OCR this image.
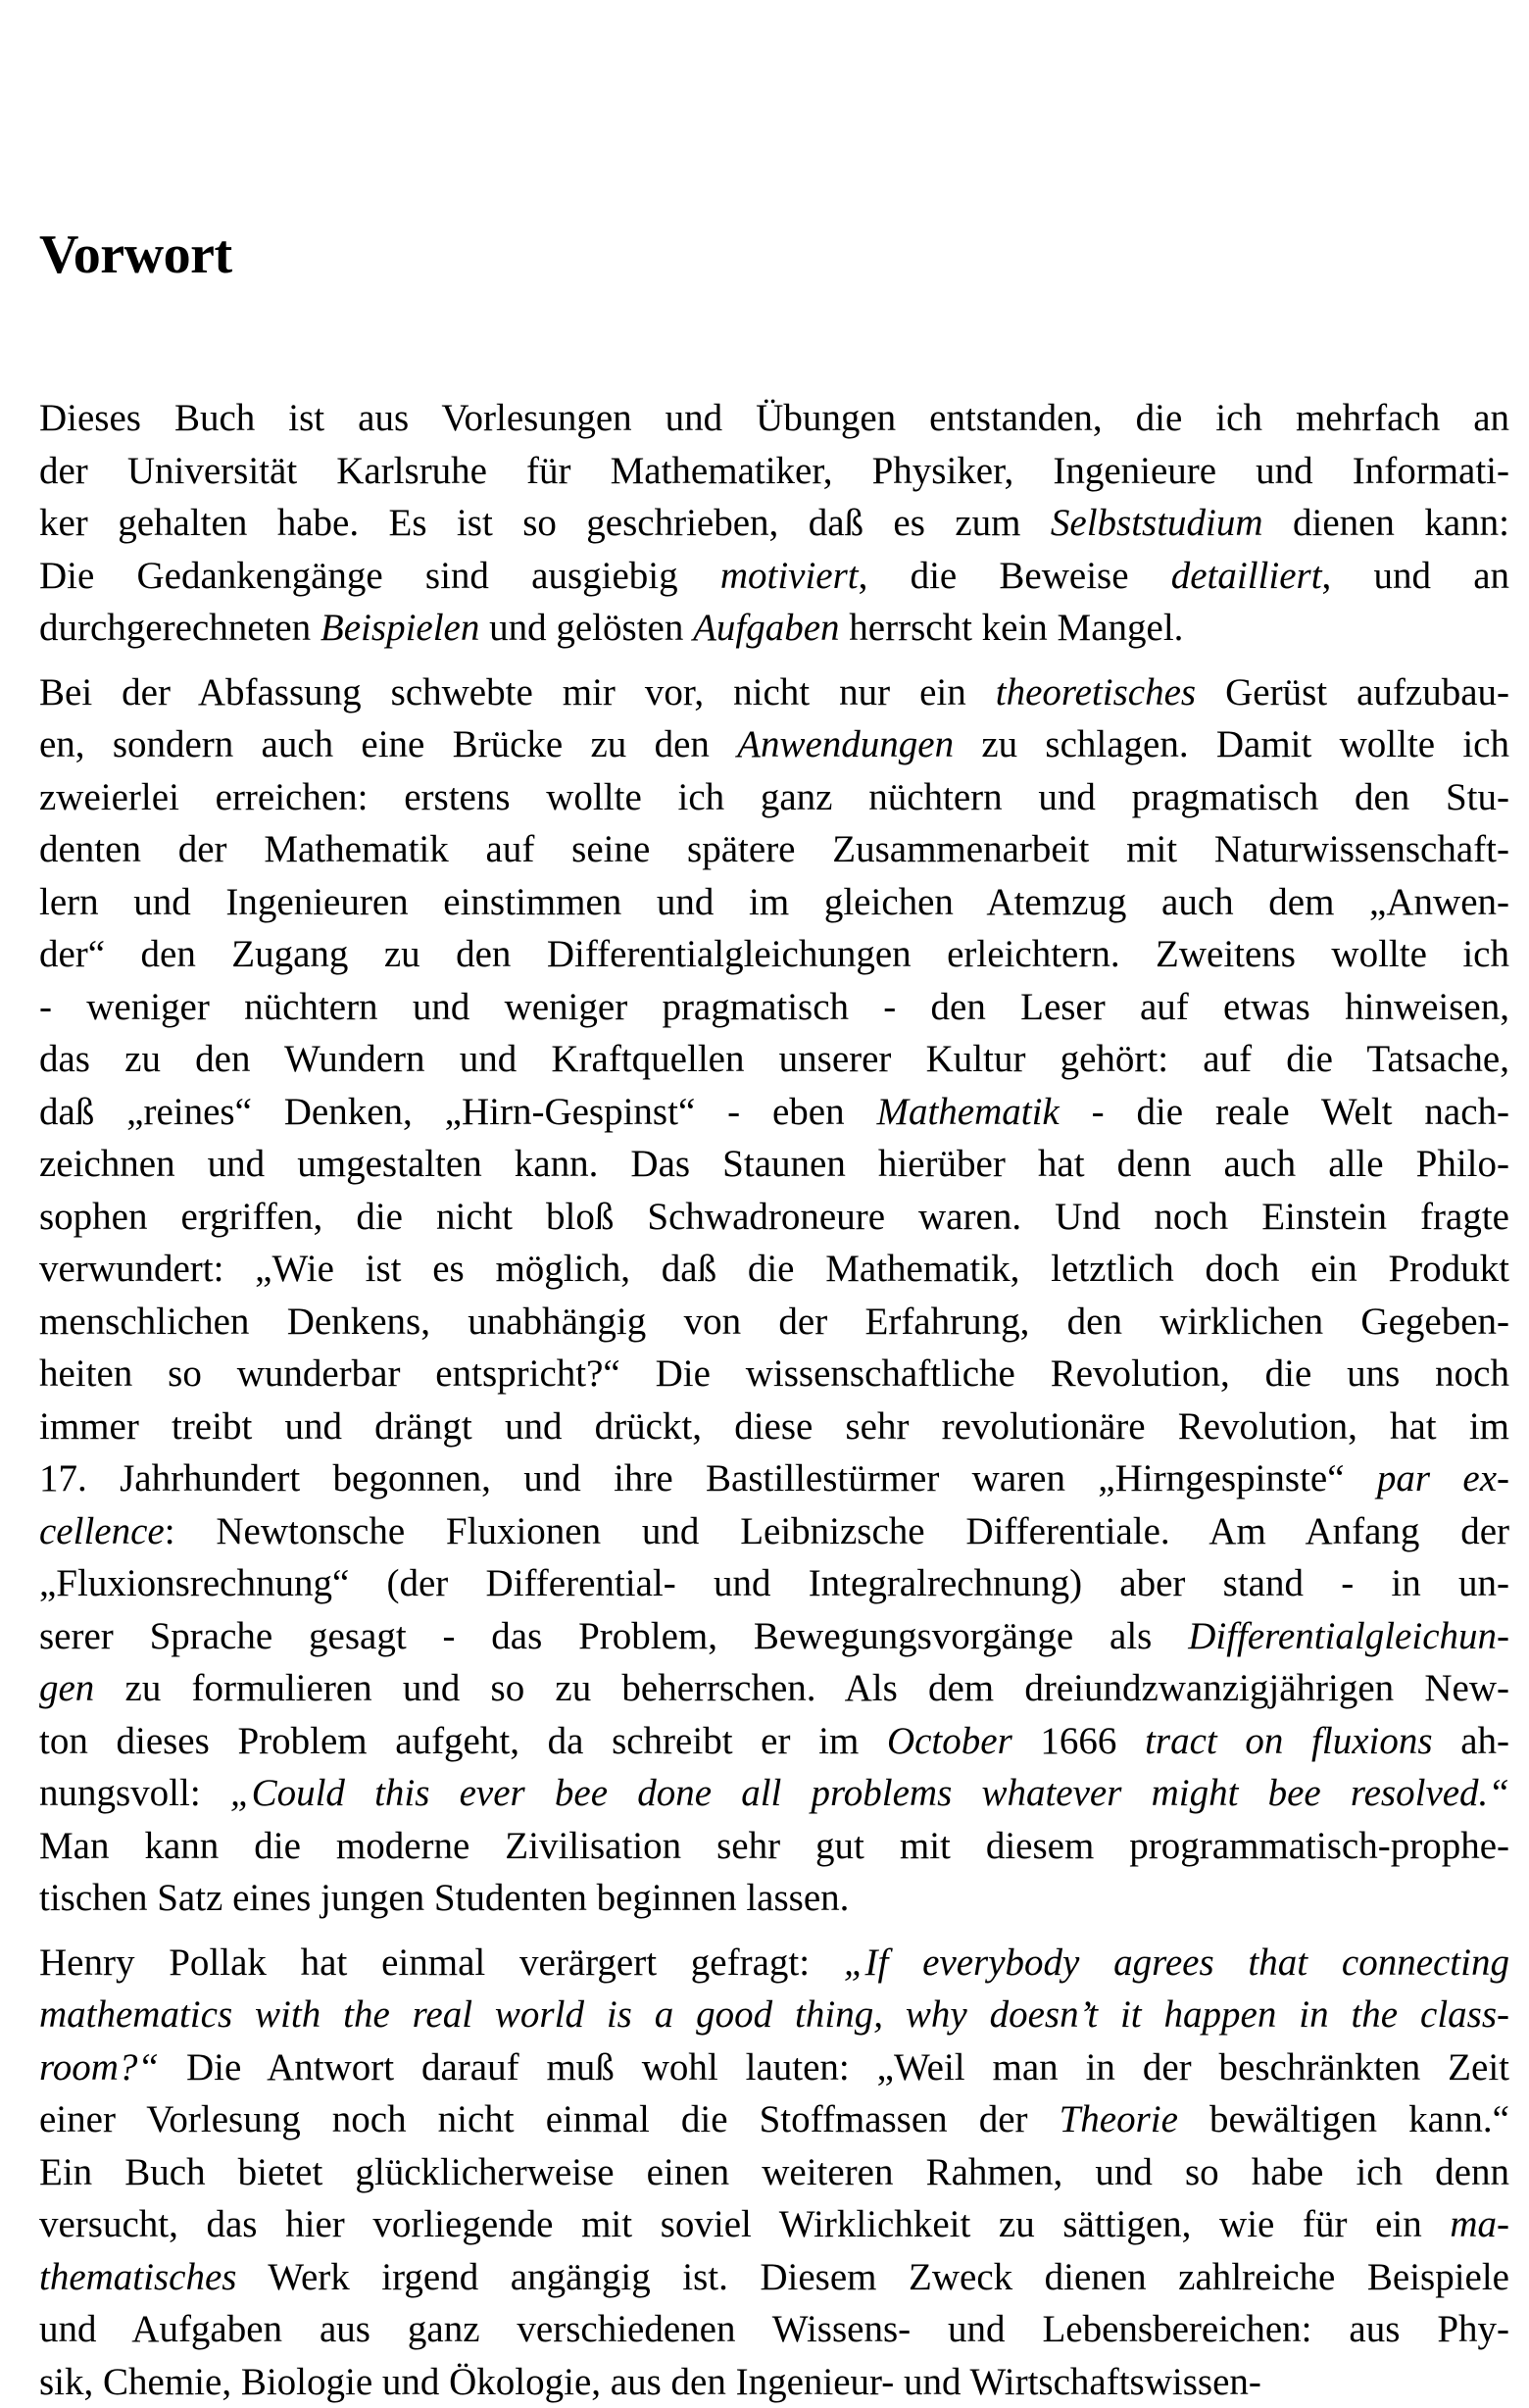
Vorwort
Dieses Buch ist aus Vorlesungen und Übungen entstanden, die ich mehrfach an
der Universität Karlsruhe für Mathematiker, Physiker, Ingenieure und Informati-
ker gehalten habe. Es ist so geschrieben, daß es zum Selbststudium dienen kann:
Die Gedankengänge sind ausgiebig motiviert, die Beweise detailliert, und an
durchgerechneten Beispielen und gelösten Aufgaben herrscht kein Mangel.
Bei der Abfassung schwebte mir vor, nicht nur ein theoretisches Gerüst aufzubau-
en, sondern auch eine Brücke zu den Anwendungen zu schlagen. Damit wollte ich
zweierlei erreichen: erstens wollte ich ganz nüchtern und pragmatisch den Stu-
denten der Mathematik auf seine spätere Zusammenarbeit mit Naturwissenschaft-
lern und Ingenieuren einstimmen und im gleichen Atemzug auch dem „Anwen-
der“ den Zugang zu den Differentialgleichungen erleichtern. Zweitens wollte ich
- weniger nüchtern und weniger pragmatisch - den Leser auf etwas hinweisen,
das zu den Wundern und Kraftquellen unserer Kultur gehört: auf die Tatsache,
daß „reines“ Denken, „Hirn-Gespinst“ - eben Mathematik - die reale Welt nach-
zeichnen und umgestalten kann. Das Staunen hierüber hat denn auch alle Philo-
sophen ergriffen, die nicht bloß Schwadroneure waren. Und noch Einstein fragte
verwundert: „Wie ist es möglich, daß die Mathematik, letztlich doch ein Produkt
menschlichen Denkens, unabhängig von der Erfahrung, den wirklichen Gegeben-
heiten so wunderbar entspricht?“ Die wissenschaftliche Revolution, die uns noch
immer treibt und drängt und drückt, diese sehr revolutionäre Revolution, hat im
17. Jahrhundert begonnen, und ihre Bastillestürmer waren „Hirngespinste“ par ex-
cellence: Newtonsche Fluxionen und Leibnizsche Differentiale. Am Anfang der
„Fluxionsrechnung“ (der Differential- und Integralrechnung) aber stand - in un-
serer Sprache gesagt - das Problem, Bewegungsvorgänge als Differentialgleichun-
gen zu formulieren und so zu beherrschen. Als dem dreiundzwanzigjährigen New-
ton dieses Problem aufgeht, da schreibt er im October 1666 tract on fluxions ah-
nungsvoll: „Could this ever bee done all problems whatever might bee resolved.“
Man kann die moderne Zivilisation sehr gut mit diesem programmatisch-prophe-
tischen Satz eines jungen Studenten beginnen lassen.
Henry Pollak hat einmal verärgert gefragt: „If everybody agrees that connecting
mathematics with the real world is a good thing, why doesn’t it happen in the class-
room?“ Die Antwort darauf muß wohl lauten: „Weil man in der beschränkten Zeit
einer Vorlesung noch nicht einmal die Stoffmassen der Theorie bewältigen kann.“
Ein Buch bietet glücklicherweise einen weiteren Rahmen, und so habe ich denn
versucht, das hier vorliegende mit soviel Wirklichkeit zu sättigen, wie für ein ma-
thematisches Werk irgend angängig ist. Diesem Zweck dienen zahlreiche Beispiele
und Aufgaben aus ganz verschiedenen Wissens- und Lebensbereichen: aus Phy-
sik, Chemie, Biologie und Ökologie, aus den Ingenieur- und Wirtschaftswissen-
